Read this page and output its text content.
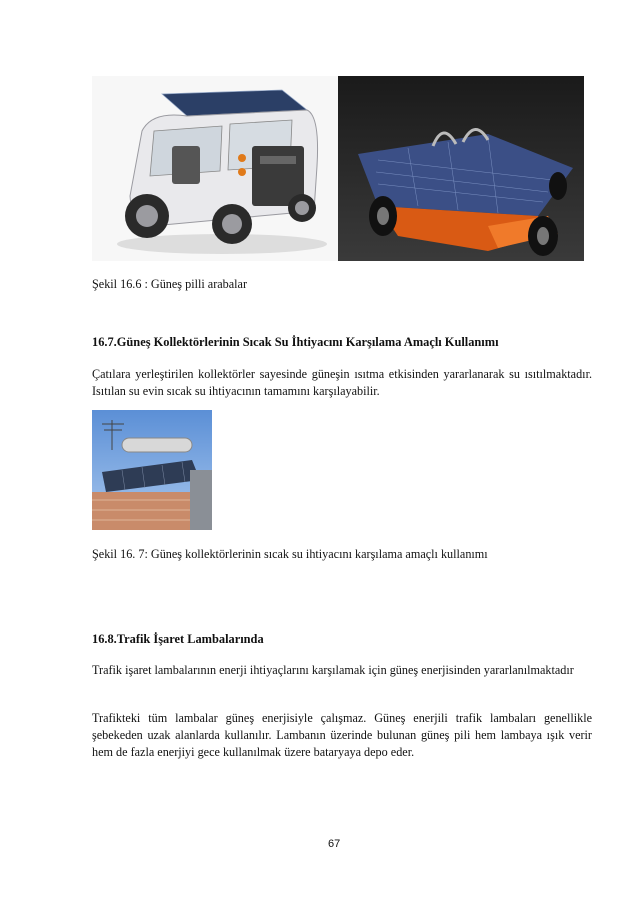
Şekil 16.6 : Güneş pilli arabalar
16.7.Güneş Kollektörlerinin Sıcak Su İhtiyacını Karşılama Amaçlı Kullanımı
Çatılara yerleştirilen kollektörler sayesinde güneşin ısıtma etkisinden yararlanarak su ısıtılmaktadır. Isıtılan su evin sıcak su ihtiyacının tamamını karşılayabilir.
Şekil 16. 7: Güneş kollektörlerinin sıcak su ihtiyacını karşılama amaçlı kullanımı
16.8.Trafik İşaret Lambalarında
Trafik işaret lambalarının enerji ihtiyaçlarını karşılamak için güneş enerjisinden yararlanılmaktadır
Trafikteki tüm lambalar güneş enerjisiyle çalışmaz. Güneş enerjili trafik lambaları genellikle şebekeden uzak alanlarda kullanılır. Lambanın üzerinde bulunan güneş pili hem lambaya ışık verir hem de fazla enerjiyi gece kullanılmak üzere bataryaya depo eder.
67
